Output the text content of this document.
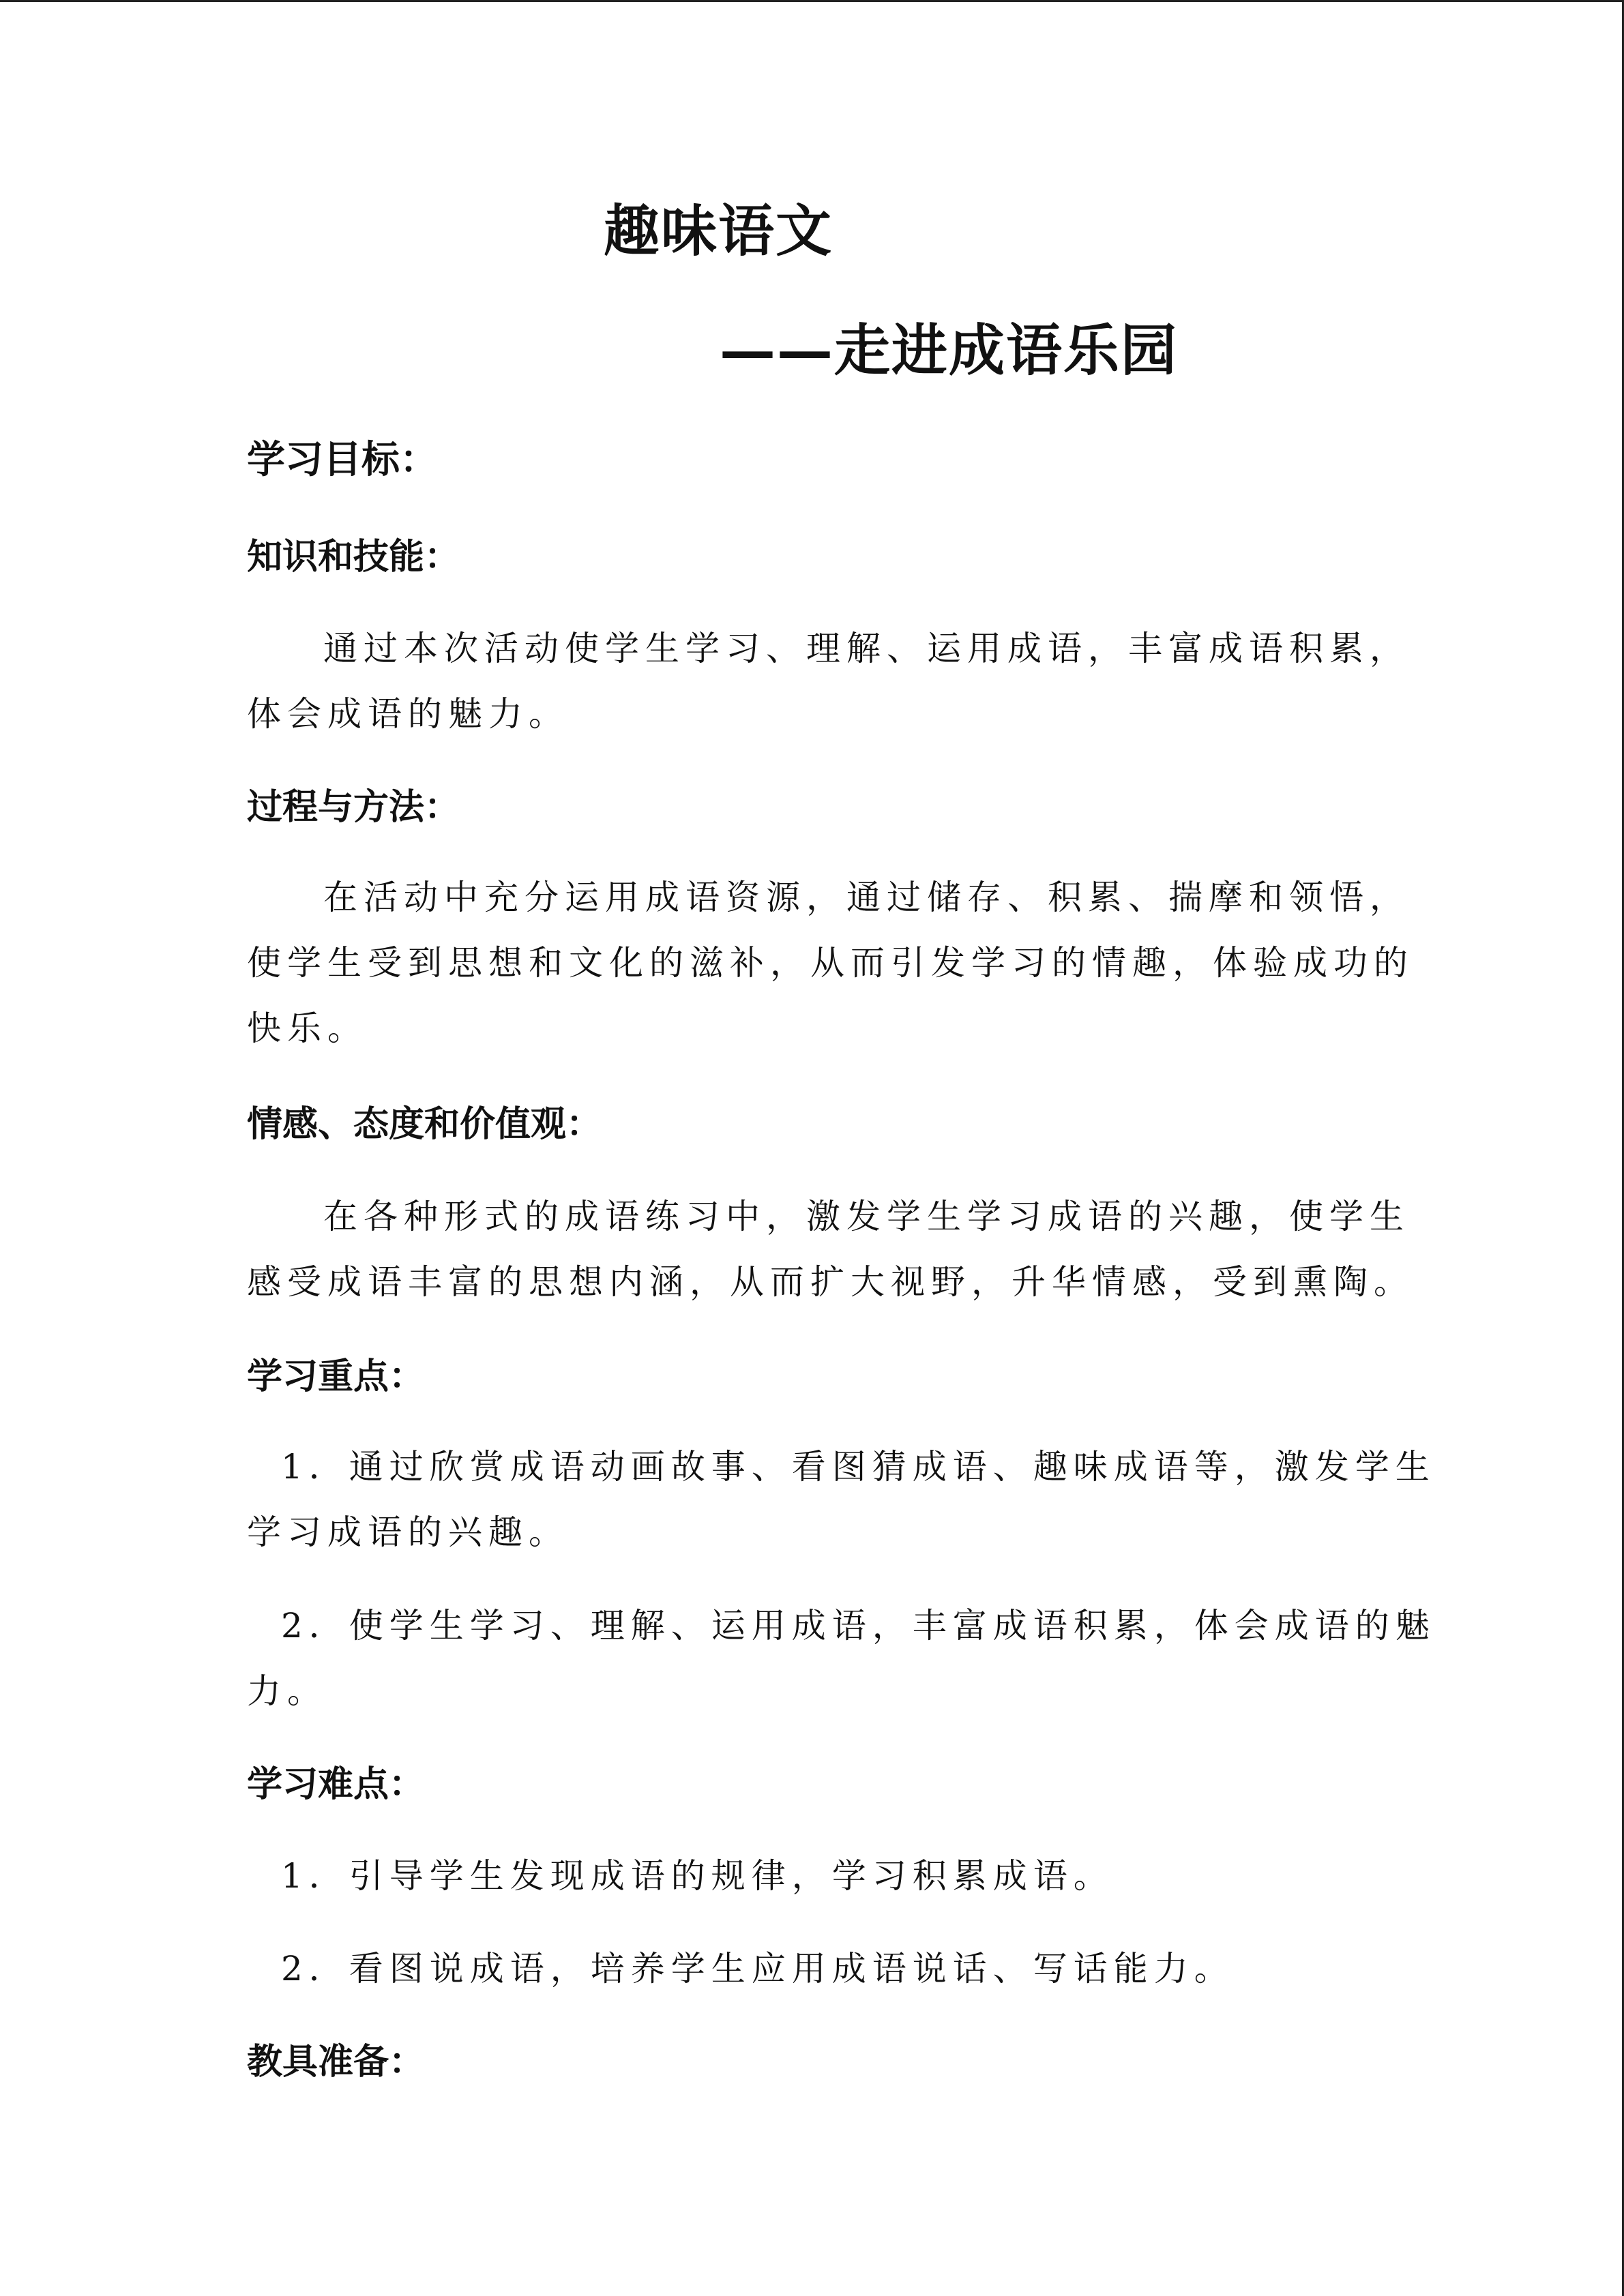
趣味语文
——走进成语乐园
学习目标：
知识和技能：
通过本次活动使学生学习、理解、运用成语，丰富成语积累，
体会成语的魅力。
过程与方法：
在活动中充分运用成语资源，通过储存、积累、揣摩和领悟，
使学生受到思想和文化的滋补，从而引发学习的情趣，体验成功的
快乐。
情感、态度和价值观：
在各种形式的成语练习中，激发学生学习成语的兴趣，使学生
感受成语丰富的思想内涵，从而扩大视野，升华情感，受到熏陶。
学习重点：
1．通过欣赏成语动画故事、看图猜成语、趣味成语等，激发学生
学习成语的兴趣。
2．使学生学习、理解、运用成语，丰富成语积累，体会成语的魅
力。
学习难点：
1．引导学生发现成语的规律，学习积累成语。
2．看图说成语，培养学生应用成语说话、写话能力。
教具准备：
